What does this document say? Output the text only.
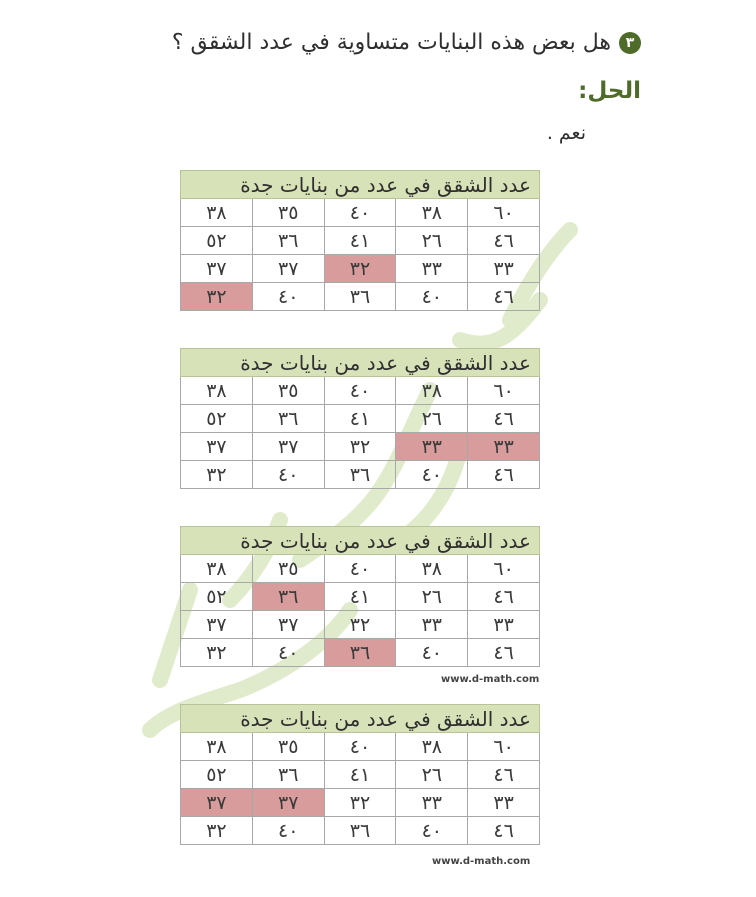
٣
هل بعض هذه البنايات متساوية في عدد الشقق ؟
الحل:
نعم .
عدد الشقق في عدد من بنايات جدة				
٦٠	٣٨	٤٠	٣٥	٣٨
٤٦	٢٦	٤١	٣٦	٥٢
٣٣	٣٣	٣٢	٣٧	٣٧
٤٦	٤٠	٣٦	٤٠	٣٢
عدد الشقق في عدد من بنايات جدة				
٦٠	٣٨	٤٠	٣٥	٣٨
٤٦	٢٦	٤١	٣٦	٥٢
٣٣	٣٣	٣٢	٣٧	٣٧
٤٦	٤٠	٣٦	٤٠	٣٢
عدد الشقق في عدد من بنايات جدة				
٦٠	٣٨	٤٠	٣٥	٣٨
٤٦	٢٦	٤١	٣٦	٥٢
٣٣	٣٣	٣٢	٣٧	٣٧
٤٦	٤٠	٣٦	٤٠	٣٢
www.d-math.com
عدد الشقق في عدد من بنايات جدة				
٦٠	٣٨	٤٠	٣٥	٣٨
٤٦	٢٦	٤١	٣٦	٥٢
٣٣	٣٣	٣٢	٣٧	٣٧
٤٦	٤٠	٣٦	٤٠	٣٢
www.d-math.com
